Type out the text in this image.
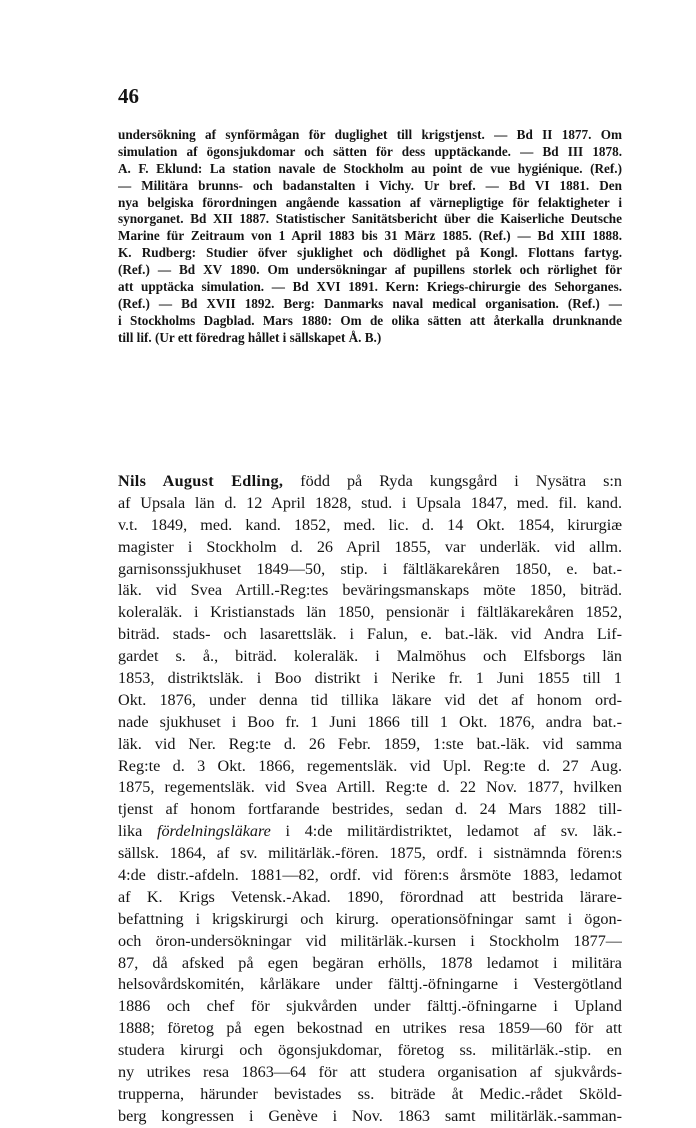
46
undersökning af synförmågan för duglighet till krigstjenst. — Bd II 1877. Om
simulation af ögonsjukdomar och sätten för dess upptäckande. — Bd III 1878.
A. F. Eklund: La station navale de Stockholm au point de vue hygiénique. (Ref.)
— Militära brunns- och badanstalten i Vichy. Ur bref. — Bd VI 1881. Den
nya belgiska förordningen angående kassation af värnepligtige för felaktigheter i
synorganet. Bd XII 1887. Statistischer Sanitätsbericht über die Kaiserliche Deutsche
Marine für Zeitraum von 1 April 1883 bis 31 März 1885. (Ref.) — Bd XIII 1888.
K. Rudberg: Studier öfver sjuklighet och dödlighet på Kongl. Flottans fartyg.
(Ref.) — Bd XV 1890. Om undersökningar af pupillens storlek och rörlighet för
att upptäcka simulation. — Bd XVI 1891. Kern: Kriegs-chirurgie des Sehorganes.
(Ref.) — Bd XVII 1892. Berg: Danmarks naval medical organisation. (Ref.) —
i Stockholms Dagblad. Mars 1880: Om de olika sätten att återkalla drunknande
till lif. (Ur ett föredrag hållet i sällskapet Å. B.)
Nils August Edling, född på Ryda kungsgård i Nysätra s:n
af Upsala län d. 12 April 1828, stud. i Upsala 1847, med. fil. kand.
v.t. 1849, med. kand. 1852, med. lic. d. 14 Okt. 1854, kirurgiæ
magister i Stockholm d. 26 April 1855, var underläk. vid allm.
garnisonssjukhuset 1849—50, stip. i fältläkarekåren 1850, e. bat.-
läk. vid Svea Artill.-Reg:tes beväringsmanskaps möte 1850, biträd.
koleraläk. i Kristianstads län 1850, pensionär i fältläkarekåren 1852,
biträd. stads- och lasarettsläk. i Falun, e. bat.-läk. vid Andra Lif-
gardet s. å., biträd. koleraläk. i Malmöhus och Elfsborgs län
1853, distriktsläk. i Boo distrikt i Nerike fr. 1 Juni 1855 till 1
Okt. 1876, under denna tid tillika läkare vid det af honom ord-
nade sjukhuset i Boo fr. 1 Juni 1866 till 1 Okt. 1876, andra bat.-
läk. vid Ner. Reg:te d. 26 Febr. 1859, 1:ste bat.-läk. vid samma
Reg:te d. 3 Okt. 1866, regementsläk. vid Upl. Reg:te d. 27 Aug.
1875, regementsläk. vid Svea Artill. Reg:te d. 22 Nov. 1877, hvilken
tjenst af honom fortfarande bestrides, sedan d. 24 Mars 1882 till-
lika fördelningsläkare i 4:de militärdistriktet, ledamot af sv. läk.-
sällsk. 1864, af sv. militärläk.-fören. 1875, ordf. i sistnämnda fören:s
4:de distr.-afdeln. 1881—82, ordf. vid fören:s årsmöte 1883, ledamot
af K. Krigs Vetensk.-Akad. 1890, förordnad att bestrida lärare-
befattning i krigskirurgi och kirurg. operationsöfningar samt i ögon-
och öron-undersökningar vid militärläk.-kursen i Stockholm 1877—
87, då afsked på egen begäran erhölls, 1878 ledamot i militära
helsovårdskomitén, kårläkare under fälttj.-öfningarne i Vestergötland
1886 och chef för sjukvården under fälttj.-öfningarne i Upland
1888; företog på egen bekostnad en utrikes resa 1859—60 för att
studera kirurgi och ögonsjukdomar, företog ss. militärläk.-stip. en
ny utrikes resa 1863—64 för att studera organisation af sjukvårds-
trupperna, härunder bevistades ss. biträde åt Medic.-rådet Sköld-
berg kongressen i Genève i Nov. 1863 samt militärläk.-samman-
